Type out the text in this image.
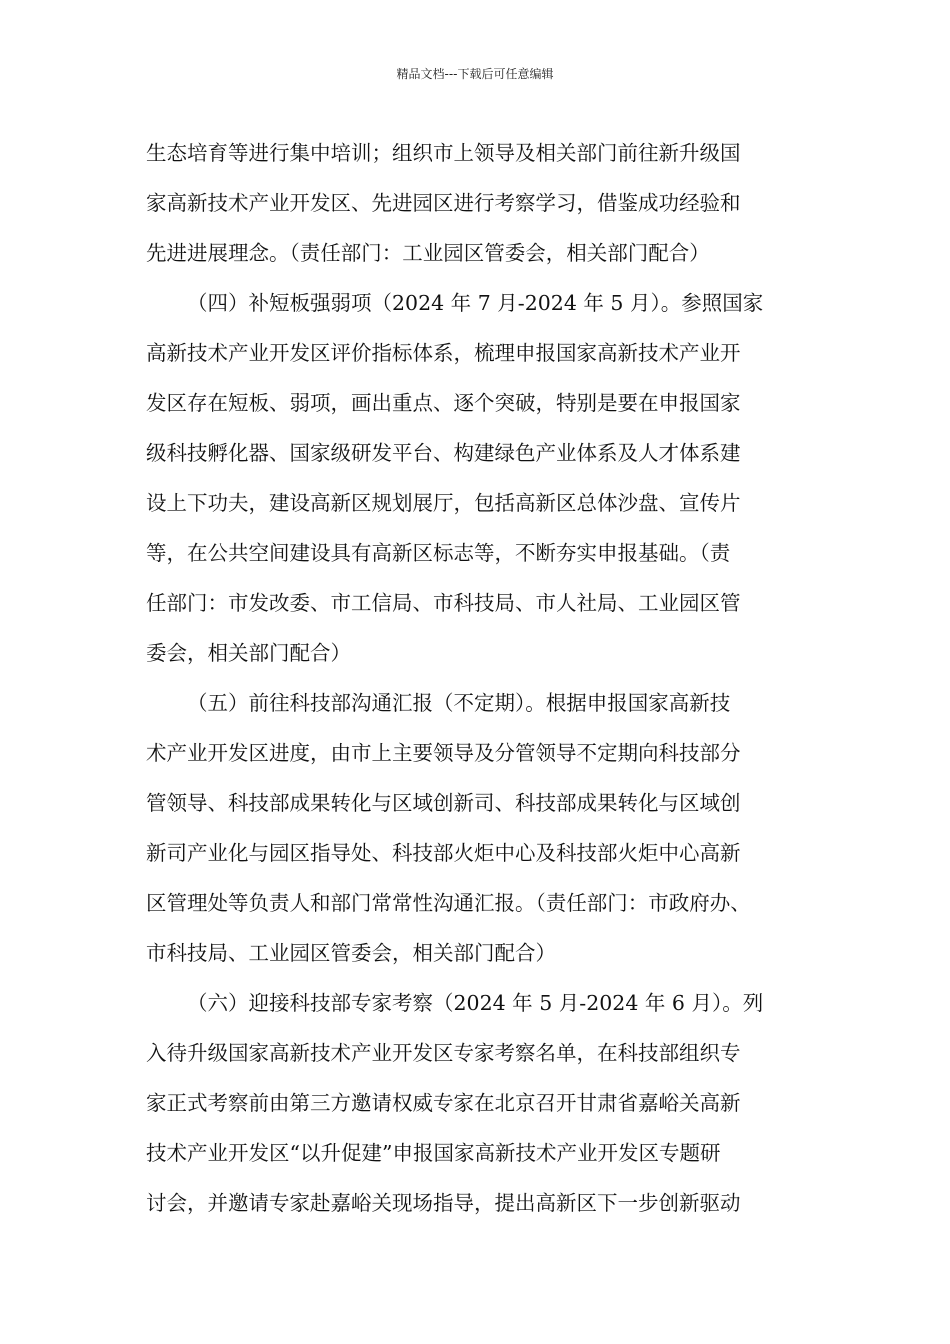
精品文档---下载后可任意编辑
生态培育等进行集中培训；组织市上领导及相关部门前往新升级国
家高新技术产业开发区、先进园区进行考察学习，借鉴成功经验和
先进进展理念。（责任部门：工业园区管委会，相关部门配合）
（四）补短板强弱项（2024 年 7 月-2024 年 5 月）。参照国家
高新技术产业开发区评价指标体系，梳理申报国家高新技术产业开
发区存在短板、弱项，画出重点、逐个突破，特别是要在申报国家
级科技孵化器、国家级研发平台、构建绿色产业体系及人才体系建
设上下功夫，建设高新区规划展厅，包括高新区总体沙盘、宣传片
等，在公共空间建设具有高新区标志等，不断夯实申报基础。（责
任部门：市发改委、市工信局、市科技局、市人社局、工业园区管
委会，相关部门配合）
（五）前往科技部沟通汇报（不定期）。根据申报国家高新技
术产业开发区进度，由市上主要领导及分管领导不定期向科技部分
管领导、科技部成果转化与区域创新司、科技部成果转化与区域创
新司产业化与园区指导处、科技部火炬中心及科技部火炬中心高新
区管理处等负责人和部门常常性沟通汇报。（责任部门：市政府办、
市科技局、工业园区管委会，相关部门配合）
（六）迎接科技部专家考察（2024 年 5 月-2024 年 6 月）。列
入待升级国家高新技术产业开发区专家考察名单，在科技部组织专
家正式考察前由第三方邀请权威专家在北京召开甘肃省嘉峪关高新
技术产业开发区“以升促建”申报国家高新技术产业开发区专题研
讨会，并邀请专家赴嘉峪关现场指导，提出高新区下一步创新驱动
